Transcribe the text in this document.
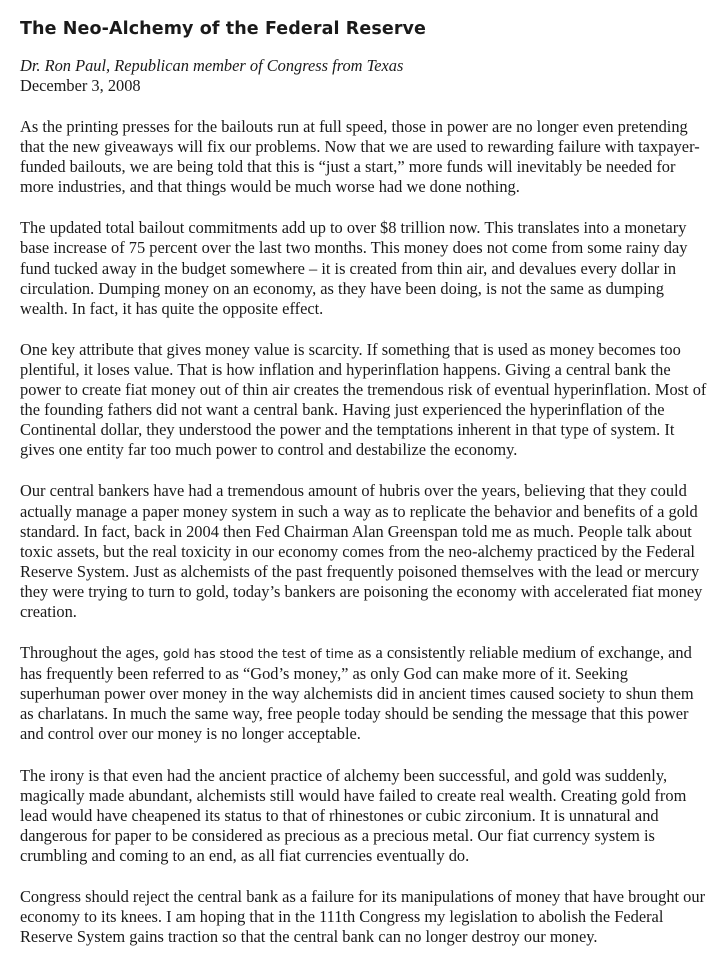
The Neo-Alchemy of the Federal Reserve
Dr. Ron Paul, Republican member of Congress from Texas
December 3, 2008

As the printing presses for the bailouts run at full speed, those in power are no longer even pretending that the new giveaways will fix our problems. Now that we are used to rewarding failure with taxpayer-funded bailouts, we are being told that this is “just a start,” more funds will inevitably be needed for more industries, and that things would be much worse had we done nothing.

The updated total bailout commitments add up to over $8 trillion now. This translates into a monetary base increase of 75 percent over the last two months. This money does not come from some rainy day fund tucked away in the budget somewhere – it is created from thin air, and devalues every dollar in circulation. Dumping money on an economy, as they have been doing, is not the same as dumping wealth. In fact, it has quite the opposite effect.

One key attribute that gives money value is scarcity. If something that is used as money becomes too plentiful, it loses value. That is how inflation and hyperinflation happens. Giving a central bank the power to create fiat money out of thin air creates the tremendous risk of eventual hyperinflation. Most of the founding fathers did not want a central bank. Having just experienced the hyperinflation of the Continental dollar, they understood the power and the temptations inherent in that type of system. It gives one entity far too much power to control and destabilize the economy.

Our central bankers have had a tremendous amount of hubris over the years, believing that they could actually manage a paper money system in such a way as to replicate the behavior and benefits of a gold standard. In fact, back in 2004 then Fed Chairman Alan Greenspan told me as much. People talk about toxic assets, but the real toxicity in our economy comes from the neo-alchemy practiced by the Federal Reserve System. Just as alchemists of the past frequently poisoned themselves with the lead or mercury they were trying to turn to gold, today’s bankers are poisoning the economy with accelerated fiat money creation.

Throughout the ages, gold has stood the test of time as a consistently reliable medium of exchange, and has frequently been referred to as “God’s money,” as only God can make more of it. Seeking superhuman power over money in the way alchemists did in ancient times caused society to shun them as charlatans. In much the same way, free people today should be sending the message that this power and control over our money is no longer acceptable.

The irony is that even had the ancient practice of alchemy been successful, and gold was suddenly, magically made abundant, alchemists still would have failed to create real wealth. Creating gold from lead would have cheapened its status to that of rhinestones or cubic zirconium. It is unnatural and dangerous for paper to be considered as precious as a precious metal. Our fiat currency system is crumbling and coming to an end, as all fiat currencies eventually do.

Congress should reject the central bank as a failure for its manipulations of money that have brought our economy to its knees. I am hoping that in the 111th Congress my legislation to abolish the Federal Reserve System gains traction so that the central bank can no longer destroy our money.
